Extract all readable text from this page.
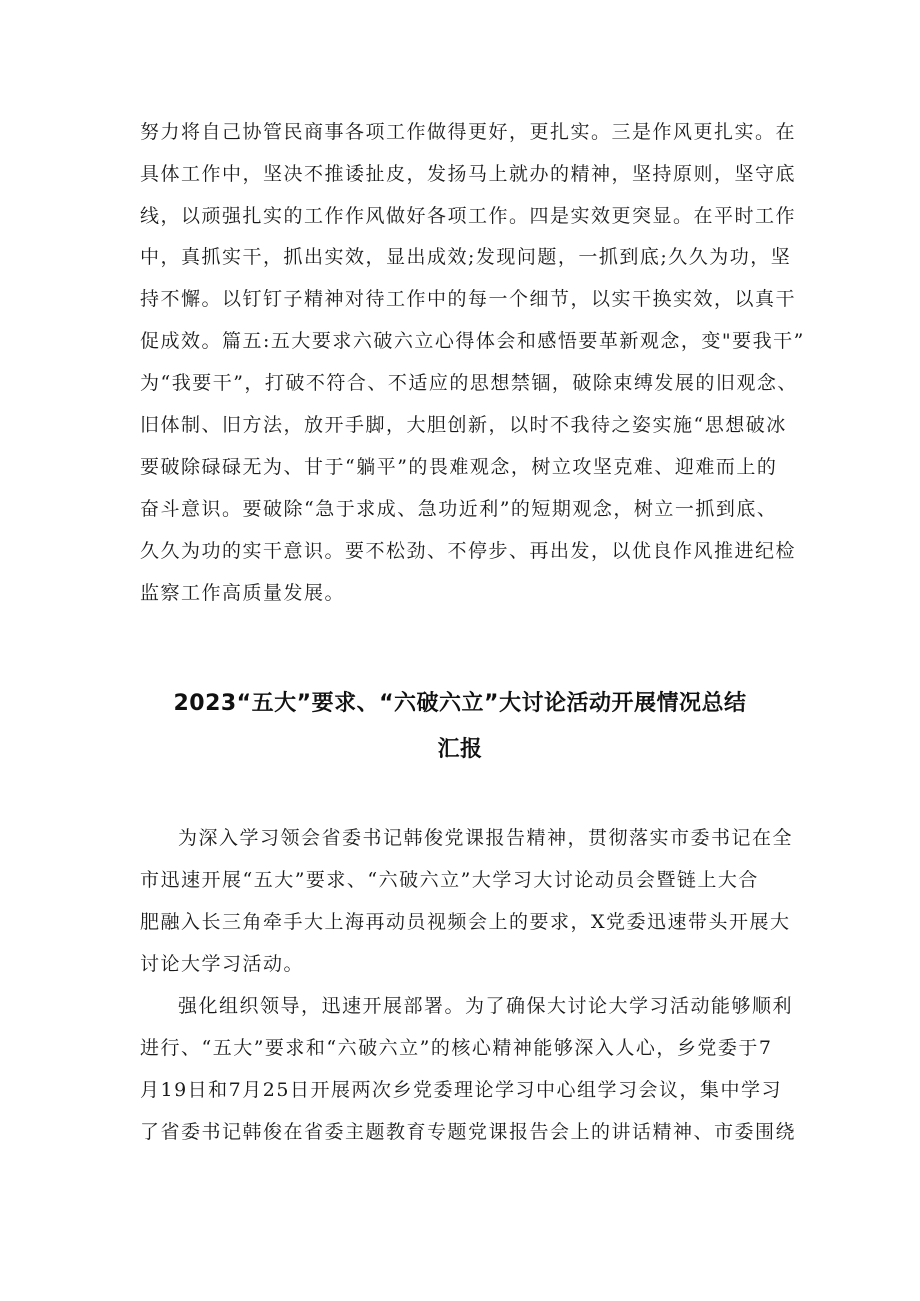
努力将自己协管民商事各项工作做得更好，更扎实。三是作风更扎实。在
具体工作中，坚决不推诿扯皮，发扬马上就办的精神，坚持原则，坚守底
线，以顽强扎实的工作作风做好各项工作。四是实效更突显。在平时工作
中，真抓实干，抓出实效，显出成效;发现问题，一抓到底;久久为功，坚
持不懈。以钉钉子精神对待工作中的每一个细节，以实干换实效，以真干
促成效。篇五:五大要求六破六立心得体会和感悟要革新观念，变"要我干”
为“我要干”，打破不符合、不适应的思想禁锢，破除束缚发展的旧观念、
旧体制、旧方法，放开手脚，大胆创新，以时不我待之姿实施“思想破冰
要破除碌碌无为、甘于“躺平”的畏难观念，树立攻坚克难、迎难而上的
奋斗意识。要破除“急于求成、急功近利”的短期观念，树立一抓到底、
久久为功的实干意识。要不松劲、不停步、再出发，以优良作风推进纪检
监察工作高质量发展。
2023“五大”要求、“六破六立”大讨论活动开展情况总结
汇报
为深入学习领会省委书记韩俊党课报告精神，贯彻落实市委书记在全
市迅速开展“五大”要求、“六破六立”大学习大讨论动员会暨链上大合
肥融入长三角牵手大上海再动员视频会上的要求，X党委迅速带头开展大
讨论大学习活动。
强化组织领导，迅速开展部署。为了确保大讨论大学习活动能够顺利
进行、“五大”要求和“六破六立”的核心精神能够深入人心，乡党委于7
月19日和7月25日开展两次乡党委理论学习中心组学习会议，集中学习
了省委书记韩俊在省委主题教育专题党课报告会上的讲话精神、市委围绕
